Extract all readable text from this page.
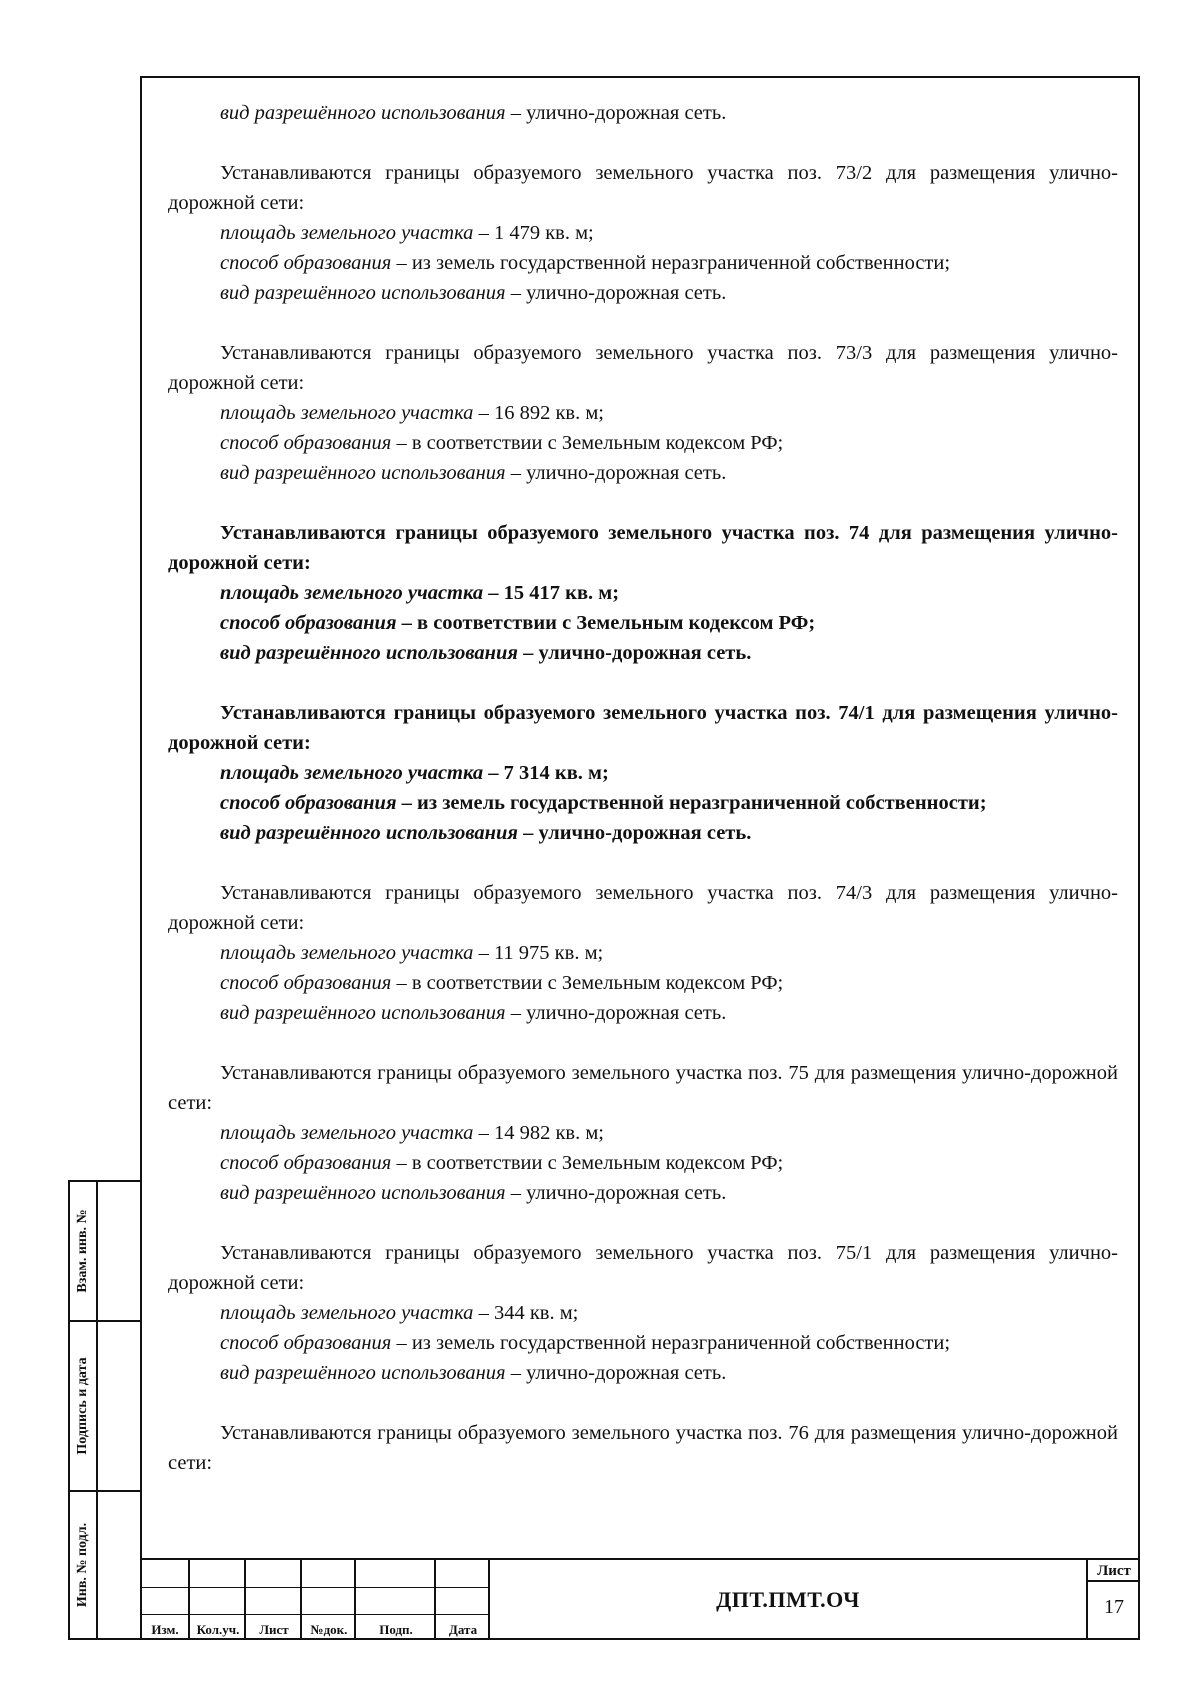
вид разрешённого использования – улично-дорожная сеть.
Устанавливаются границы образуемого земельного участка поз. 73/2 для размещения улично-дорожной сети:
площадь земельного участка – 1 479 кв. м;
способ образования – из земель государственной неразграниченной собственности;
вид разрешённого использования – улично-дорожная сеть.
Устанавливаются границы образуемого земельного участка поз. 73/3 для размещения улично-дорожной сети:
площадь земельного участка – 16 892 кв. м;
способ образования – в соответствии с Земельным кодексом РФ;
вид разрешённого использования – улично-дорожная сеть.
Устанавливаются границы образуемого земельного участка поз. 74 для размещения улично-дорожной сети:
площадь земельного участка – 15 417 кв. м;
способ образования – в соответствии с Земельным кодексом РФ;
вид разрешённого использования – улично-дорожная сеть.
Устанавливаются границы образуемого земельного участка поз. 74/1 для размещения улично-дорожной сети:
площадь земельного участка – 7 314 кв. м;
способ образования – из земель государственной неразграниченной собственности;
вид разрешённого использования – улично-дорожная сеть.
Устанавливаются границы образуемого земельного участка поз. 74/3 для размещения улично-дорожной сети:
площадь земельного участка – 11 975 кв. м;
способ образования – в соответствии с Земельным кодексом РФ;
вид разрешённого использования – улично-дорожная сеть.
Устанавливаются границы образуемого земельного участка поз. 75 для размещения улично-дорожной сети:
площадь земельного участка – 14 982 кв. м;
способ образования – в соответствии с Земельным кодексом РФ;
вид разрешённого использования – улично-дорожная сеть.
Устанавливаются границы образуемого земельного участка поз. 75/1 для размещения улично-дорожной сети:
площадь земельного участка – 344 кв. м;
способ образования – из земель государственной неразграниченной собственности;
вид разрешённого использования – улично-дорожная сеть.
Устанавливаются границы образуемого земельного участка поз. 76 для размещения улично-дорожной сети:
Взам. инв. №
Подпись и дата
Инв. № подл.
Изм.	Кол.уч.	Лист	№док.	Подп.	Дата
ДПТ.ПМТ.ОЧ
Лист
17
